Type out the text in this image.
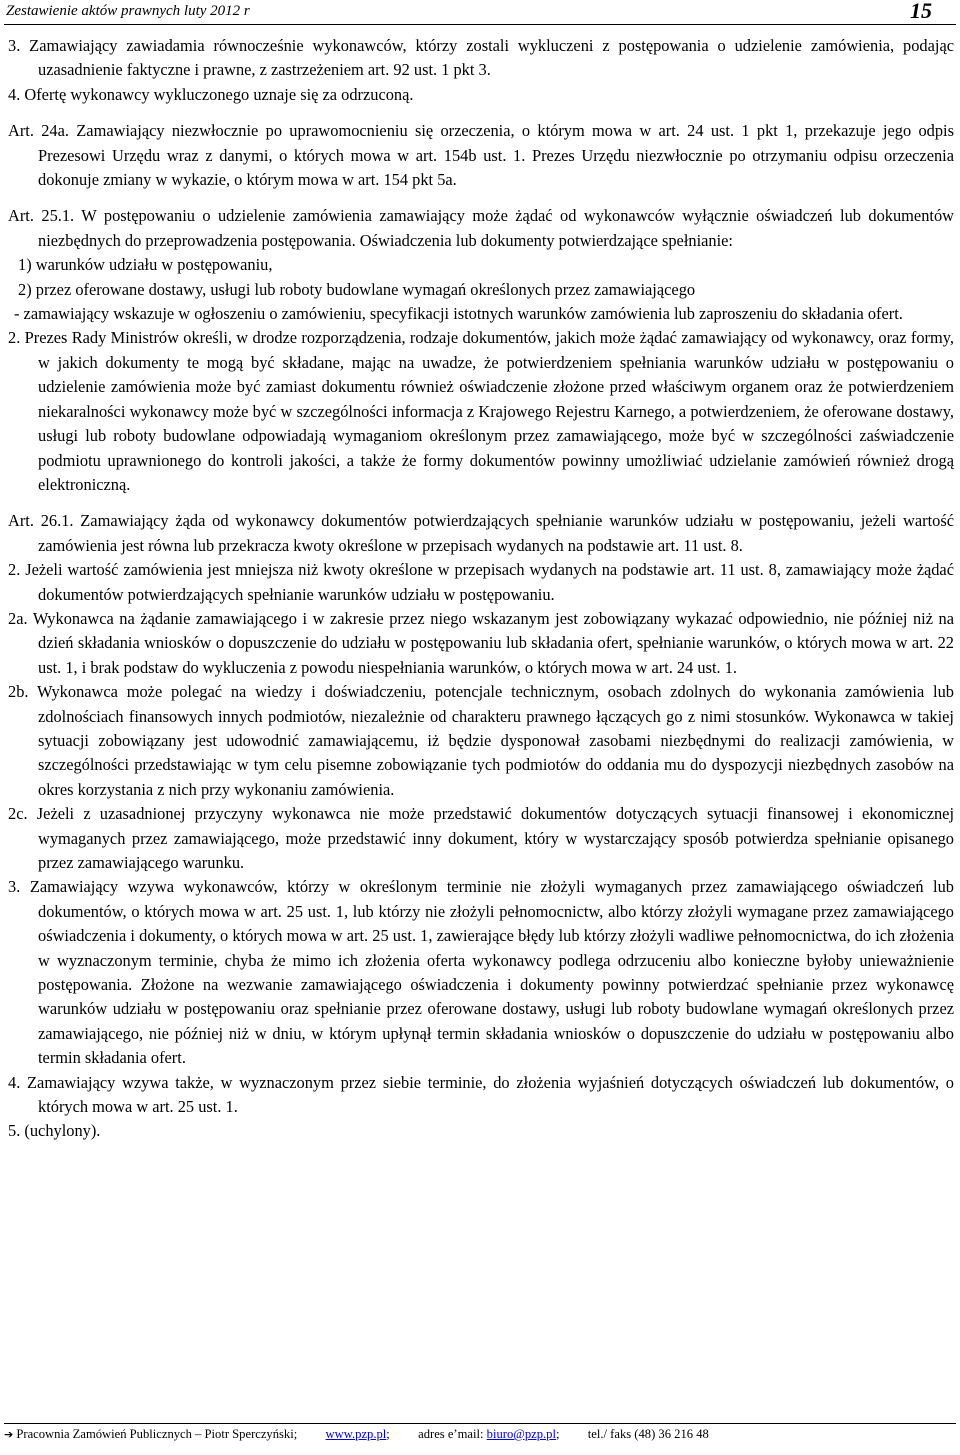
Zestawienie aktów prawnych luty 2012 r	15

3. Zamawiający zawiadamia równocześnie wykonawców, którzy zostali wykluczeni z postępowania o udzielenie zamówienia, podając uzasadnienie faktyczne i prawne, z zastrzeżeniem art. 92 ust. 1 pkt 3.

4. Ofertę wykonawcy wykluczonego uznaje się za odrzuconą.

Art. 24a. Zamawiający niezwłocznie po uprawomocnieniu się orzeczenia, o którym mowa w art. 24 ust. 1 pkt 1, przekazuje jego odpis Prezesowi Urzędu wraz z danymi, o których mowa w art. 154b ust. 1. Prezes Urzędu niezwłocznie po otrzymaniu odpisu orzeczenia dokonuje zmiany w wykazie, o którym mowa w art. 154 pkt 5a.

Art. 25.1. W postępowaniu o udzielenie zamówienia zamawiający może żądać od wykonawców wyłącznie oświadczeń lub dokumentów niezbędnych do przeprowadzenia postępowania. Oświadczenia lub dokumenty potwierdzające spełnianie:

1) warunków udziału w postępowaniu,

2) przez oferowane dostawy, usługi lub roboty budowlane wymagań określonych przez zamawiającego

- zamawiający wskazuje w ogłoszeniu o zamówieniu, specyfikacji istotnych warunków zamówienia lub zaproszeniu do składania ofert.

2. Prezes Rady Ministrów określi, w drodze rozporządzenia, rodzaje dokumentów, jakich może żądać zamawiający od wykonawcy, oraz formy, w jakich dokumenty te mogą być składane, mając na uwadze, że potwierdzeniem spełniania warunków udziału w postępowaniu o udzielenie zamówienia może być zamiast dokumentu również oświadczenie złożone przed właściwym organem oraz że potwierdzeniem niekaralności wykonawcy może być w szczególności informacja z Krajowego Rejestru Karnego, a potwierdzeniem, że oferowane dostawy, usługi lub roboty budowlane odpowiadają wymaganiom określonym przez zamawiającego, może być w szczególności zaświadczenie podmiotu uprawnionego do kontroli jakości, a także że formy dokumentów powinny umożliwiać udzielanie zamówień również drogą elektroniczną.

Art. 26.1. Zamawiający żąda od wykonawcy dokumentów potwierdzających spełnianie warunków udziału w postępowaniu, jeżeli wartość zamówienia jest równa lub przekracza kwoty określone w przepisach wydanych na podstawie art. 11 ust. 8.

2. Jeżeli wartość zamówienia jest mniejsza niż kwoty określone w przepisach wydanych na podstawie art. 11 ust. 8, zamawiający może żądać dokumentów potwierdzających spełnianie warunków udziału w postępowaniu.

2a. Wykonawca na żądanie zamawiającego i w zakresie przez niego wskazanym jest zobowiązany wykazać odpowiednio, nie później niż na dzień składania wniosków o dopuszczenie do udziału w postępowaniu lub składania ofert, spełnianie warunków, o których mowa w art. 22 ust. 1, i brak podstaw do wykluczenia z powodu niespełniania warunków, o których mowa w art. 24 ust. 1.

2b. Wykonawca może polegać na wiedzy i doświadczeniu, potencjale technicznym, osobach zdolnych do wykonania zamówienia lub zdolnościach finansowych innych podmiotów, niezależnie od charakteru prawnego łączących go z nimi stosunków. Wykonawca w takiej sytuacji zobowiązany jest udowodnić zamawiającemu, iż będzie dysponował zasobami niezbędnymi do realizacji zamówienia, w szczególności przedstawiając w tym celu pisemne zobowiązanie tych podmiotów do oddania mu do dyspozycji niezbędnych zasobów na okres korzystania z nich przy wykonaniu zamówienia.

2c. Jeżeli z uzasadnionej przyczyny wykonawca nie może przedstawić dokumentów dotyczących sytuacji finansowej i ekonomicznej wymaganych przez zamawiającego, może przedstawić inny dokument, który w wystarczający sposób potwierdza spełnianie opisanego przez zamawiającego warunku.

3. Zamawiający wzywa wykonawców, którzy w określonym terminie nie złożyli wymaganych przez zamawiającego oświadczeń lub dokumentów, o których mowa w art. 25 ust. 1, lub którzy nie złożyli pełnomocnictw, albo którzy złożyli wymagane przez zamawiającego oświadczenia i dokumenty, o których mowa w art. 25 ust. 1, zawierające błędy lub którzy złożyli wadliwe pełnomocnictwa, do ich złożenia w wyznaczonym terminie, chyba że mimo ich złożenia oferta wykonawcy podlega odrzuceniu albo konieczne byłoby unieważnienie postępowania. Złożone na wezwanie zamawiającego oświadczenia i dokumenty powinny potwierdzać spełnianie przez wykonawcę warunków udziału w postępowaniu oraz spełnianie przez oferowane dostawy, usługi lub roboty budowlane wymagań określonych przez zamawiającego, nie później niż w dniu, w którym upłynął termin składania wniosków o dopuszczenie do udziału w postępowaniu albo termin składania ofert.

4. Zamawiający wzywa także, w wyznaczonym przez siebie terminie, do złożenia wyjaśnień dotyczących oświadczeń lub dokumentów, o których mowa w art. 25 ust. 1.

5. (uchylony).

➔ Pracownia Zamówień Publicznych – Piotr Sperczyński; www.pzp.pl; adres e’mail: biuro@pzp.pl; tel./ faks (48) 36 216 48
